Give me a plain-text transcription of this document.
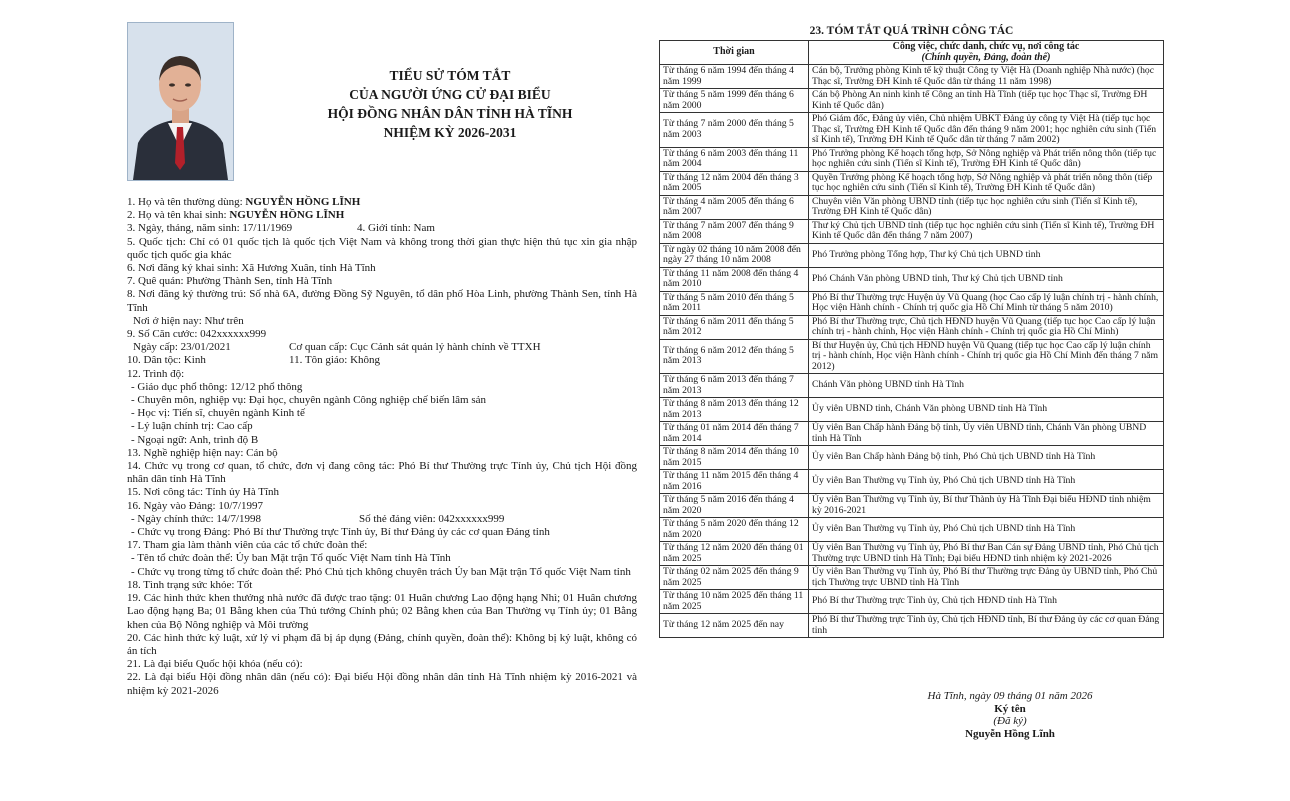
TIỂU SỬ TÓM TẮT
CỦA NGƯỜI ỨNG CỬ ĐẠI BIỂU
HỘI ĐỒNG NHÂN DÂN TỈNH HÀ TĨNH
NHIỆM KỲ 2026-2031
1. Họ và tên thường dùng: NGUYỄN HỒNG LĨNH
2. Họ và tên khai sinh: NGUYỄN HỒNG LĨNH
3. Ngày, tháng, năm sinh: 17/11/1969	4. Giới tính: Nam
5. Quốc tịch: Chỉ có 01 quốc tịch là quốc tịch Việt Nam và không trong thời gian thực hiện thủ tục xin gia nhập quốc tịch quốc gia khác
6. Nơi đăng ký khai sinh: Xã Hương Xuân, tỉnh Hà Tĩnh
7. Quê quán: Phường Thành Sen, tỉnh Hà Tĩnh
8. Nơi đăng ký thường trú: Số nhà 6A, đường Đồng Sỹ Nguyên, tổ dân phố Hòa Linh, phường Thành Sen, tỉnh Hà Tĩnh
Nơi ở hiện nay: Như trên
9. Số Căn cước: 042xxxxxx999
Ngày cấp: 23/01/2021	Cơ quan cấp: Cục Cảnh sát quản lý hành chính về TTXH
10. Dân tộc: Kinh	11. Tôn giáo: Không
12. Trình độ:
- Giáo dục phổ thông: 12/12 phổ thông
- Chuyên môn, nghiệp vụ: Đại học, chuyên ngành Công nghiệp chế biến lâm sản
- Học vị: Tiến sĩ, chuyên ngành Kinh tế
- Lý luận chính trị: Cao cấp
- Ngoại ngữ: Anh, trình độ B
13. Nghề nghiệp hiện nay: Cán bộ
14. Chức vụ trong cơ quan, tổ chức, đơn vị đang công tác: Phó Bí thư Thường trực Tỉnh ủy, Chủ tịch Hội đồng nhân dân tỉnh Hà Tĩnh
15. Nơi công tác: Tỉnh ủy Hà Tĩnh
16. Ngày vào Đảng: 10/7/1997
- Ngày chính thức: 14/7/1998	Số thẻ đảng viên: 042xxxxxx999
- Chức vụ trong Đảng: Phó Bí thư Thường trực Tỉnh ủy, Bí thư Đảng ủy các cơ quan Đảng tỉnh
17. Tham gia làm thành viên của các tổ chức đoàn thể:
- Tên tổ chức đoàn thể: Ủy ban Mặt trận Tổ quốc Việt Nam tỉnh Hà Tĩnh
- Chức vụ trong từng tổ chức đoàn thể: Phó Chủ tịch không chuyên trách Ủy ban Mặt trận Tổ quốc Việt Nam tỉnh
18. Tình trạng sức khỏe: Tốt
19. Các hình thức khen thưởng nhà nước đã được trao tặng: 01 Huân chương Lao động hạng Nhì; 01 Huân chương Lao động hạng Ba; 01 Bằng khen của Thủ tướng Chính phủ; 02 Bằng khen của Ban Thường vụ Tỉnh ủy; 01 Bằng khen của Bộ Nông nghiệp và Môi trường
20. Các hình thức kỷ luật, xử lý vi phạm đã bị áp dụng (Đảng, chính quyền, đoàn thể): Không bị kỷ luật, không có án tích
21. Là đại biểu Quốc hội khóa (nếu có):
22. Là đại biểu Hội đồng nhân dân (nếu có): Đại biểu Hội đồng nhân dân tỉnh Hà Tĩnh nhiệm kỳ 2016-2021 và nhiệm kỳ 2021-2026
23. TÓM TẮT QUÁ TRÌNH CÔNG TÁC
Thời gian	Công việc, chức danh, chức vụ, nơi công tác
(Chính quyền, Đảng, đoàn thể)

Từ tháng 6 năm 1994 đến tháng 4 năm 1999	Cán bộ, Trưởng phòng Kinh tế kỹ thuật Công ty Việt Hà (Doanh nghiệp Nhà nước) (học Thạc sĩ, Trường ĐH Kinh tế Quốc dân từ tháng 11 năm 1998)
Từ tháng 5 năm 1999 đến tháng 6 năm 2000	Cán bộ Phòng An ninh kinh tế Công an tỉnh Hà Tĩnh (tiếp tục học Thạc sĩ, Trường ĐH Kinh tế Quốc dân)
Từ tháng 7 năm 2000 đến tháng 5 năm 2003	Phó Giám đốc, Đảng ủy viên, Chủ nhiệm UBKT Đảng ủy công ty Việt Hà (tiếp tục học Thạc sĩ, Trường ĐH Kinh tế Quốc dân đến tháng 9 năm 2001; học nghiên cứu sinh (Tiến sĩ Kinh tế), Trường ĐH Kinh tế Quốc dân từ tháng 7 năm 2002)
Từ tháng 6 năm 2003 đến tháng 11 năm 2004	Phó Trưởng phòng Kế hoạch tổng hợp, Sở Nông nghiệp và Phát triển nông thôn (tiếp tục học nghiên cứu sinh (Tiến sĩ Kinh tế), Trường ĐH Kinh tế Quốc dân)
Từ tháng 12 năm 2004 đến tháng 3 năm 2005	Quyền Trưởng phòng Kế hoạch tổng hợp, Sở Nông nghiệp và phát triển nông thôn (tiếp tục học nghiên cứu sinh (Tiến sĩ Kinh tế), Trường ĐH Kinh tế Quốc dân)
Từ tháng 4 năm 2005 đến tháng 6 năm 2007	Chuyên viên Văn phòng UBND tỉnh (tiếp tục học nghiên cứu sinh (Tiến sĩ Kinh tế), Trường ĐH Kinh tế Quốc dân)
Từ tháng 7 năm 2007 đến tháng 9 năm 2008	Thư ký Chủ tịch UBND tỉnh (tiếp tục học nghiên cứu sinh (Tiến sĩ Kinh tế), Trường ĐH Kinh tế Quốc dân đến tháng 7 năm 2007)
Từ ngày 02 tháng 10 năm 2008 đến ngày 27 tháng 10 năm 2008	Phó Trưởng phòng Tổng hợp, Thư ký Chủ tịch UBND tỉnh
Từ tháng 11 năm 2008 đến tháng 4 năm 2010	Phó Chánh Văn phòng UBND tỉnh, Thư ký Chủ tịch UBND tỉnh
Từ tháng 5 năm 2010 đến tháng 5 năm 2011	Phó Bí thư Thường trực Huyện ủy Vũ Quang (học Cao cấp lý luận chính trị - hành chính, Học viện Hành chính - Chính trị quốc gia Hồ Chí Minh từ tháng 5 năm 2010)
Từ tháng 6 năm 2011 đến tháng 5 năm 2012	Phó Bí thư Thường trực, Chủ tịch HĐND huyện Vũ Quang (tiếp tục học Cao cấp lý luận chính trị - hành chính, Học viện Hành chính - Chính trị quốc gia Hồ Chí Minh)
Từ tháng 6 năm 2012 đến tháng 5 năm 2013	Bí thư Huyện ủy, Chủ tịch HĐND huyện Vũ Quang (tiếp tục học Cao cấp lý luận chính trị - hành chính, Học viện Hành chính - Chính trị quốc gia Hồ Chí Minh đến tháng 7 năm 2012)
Từ tháng 6 năm 2013 đến tháng 7 năm 2013	Chánh Văn phòng UBND tỉnh Hà Tĩnh
Từ tháng 8 năm 2013 đến tháng 12 năm 2013	Ủy viên UBND tỉnh, Chánh Văn phòng UBND tỉnh Hà Tĩnh
Từ tháng 01 năm 2014 đến tháng 7 năm 2014	Ủy viên Ban Chấp hành Đảng bộ tỉnh, Ủy viên UBND tỉnh, Chánh Văn phòng UBND tỉnh Hà Tĩnh
Từ tháng 8 năm 2014 đến tháng 10 năm 2015	Ủy viên Ban Chấp hành Đảng bộ tỉnh, Phó Chủ tịch UBND tỉnh Hà Tĩnh
Từ tháng 11 năm 2015 đến tháng 4 năm 2016	Ủy viên Ban Thường vụ Tỉnh ủy, Phó Chủ tịch UBND tỉnh Hà Tĩnh
Từ tháng 5 năm 2016 đến tháng 4 năm 2020	Ủy viên Ban Thường vụ Tỉnh ủy, Bí thư Thành ủy Hà Tĩnh Đại biểu HĐND tỉnh nhiệm kỳ 2016-2021
Từ tháng 5 năm 2020 đến tháng 12 năm 2020	Ủy viên Ban Thường vụ Tỉnh ủy, Phó Chủ tịch UBND tỉnh Hà Tĩnh
Từ tháng 12 năm 2020 đến tháng 01 năm 2025	Ủy viên Ban Thường vụ Tỉnh ủy, Phó Bí thư Ban Cán sự Đảng UBND tỉnh, Phó Chủ tịch Thường trực UBND tỉnh Hà Tĩnh; Đại biểu HĐND tỉnh nhiệm kỳ 2021-2026
Từ tháng 02 năm 2025 đến tháng 9 năm 2025	Ủy viên Ban Thường vụ Tỉnh ủy, Phó Bí thư Thường trực Đảng ủy UBND tỉnh, Phó Chủ tịch Thường trực UBND tỉnh Hà Tĩnh
Từ tháng 10 năm 2025 đến tháng 11 năm 2025	Phó Bí thư Thường trực Tỉnh ủy, Chủ tịch HĐND tỉnh Hà Tĩnh
Từ tháng 12 năm 2025 đến nay	Phó Bí thư Thường trực Tỉnh ủy, Chủ tịch HĐND tỉnh, Bí thư Đảng ủy các cơ quan Đảng tỉnh
Hà Tĩnh, ngày 09 tháng 01 năm 2026
Ký tên
(Đã ký)
Nguyễn Hồng Lĩnh
